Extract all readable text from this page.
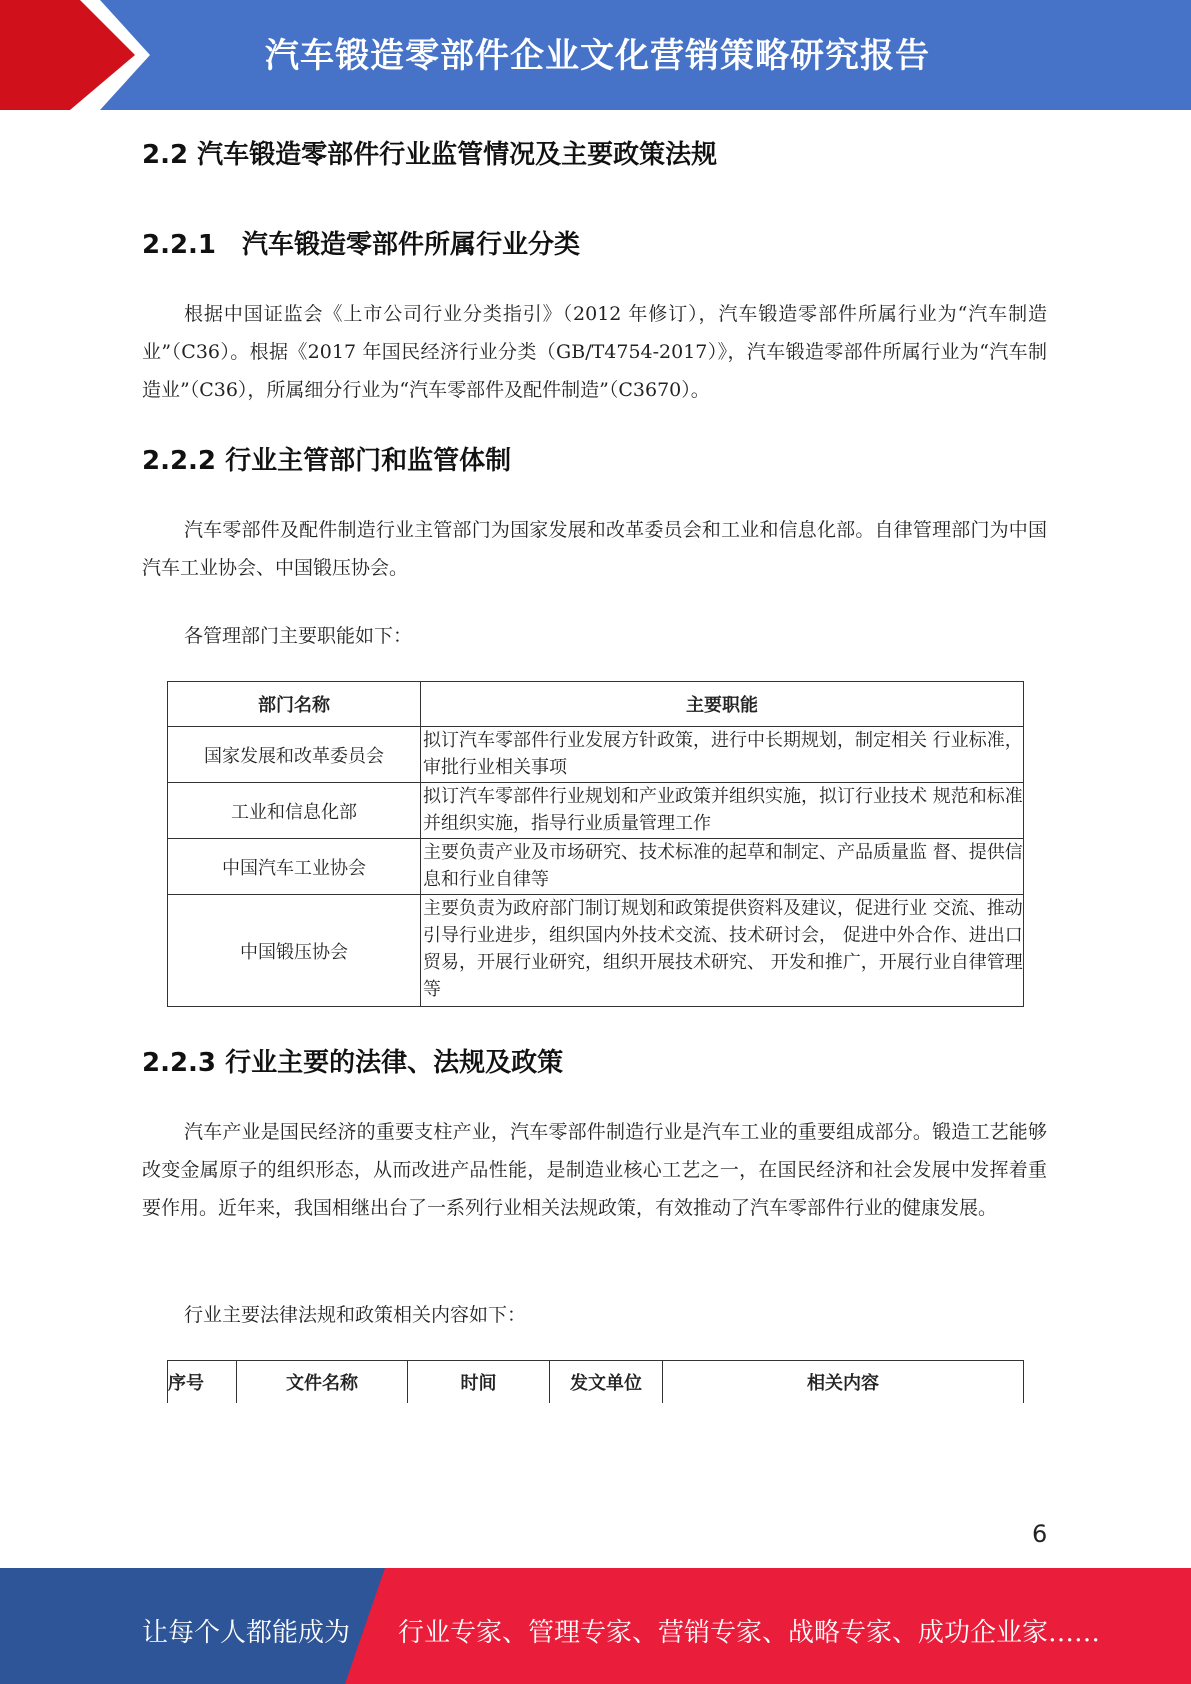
汽车锻造零部件企业文化营销策略研究报告
2.2 汽车锻造零部件行业监管情况及主要政策法规
2.2.1　汽车锻造零部件所属行业分类
根据中国证监会《上市公司行业分类指引》（2012 年修订），汽车锻造零部件所属行业为“汽车制造业”（C36）。根据《2017 年国民经济行业分类（GB/T4754-2017）》，汽车锻造零部件所属行业为“汽车制造业”（C36），所属细分行业为“汽车零部件及配件制造”（C3670）。
2.2.2 行业主管部门和监管体制
汽车零部件及配件制造行业主管部门为国家发展和改革委员会和工业和信息化部。自律管理部门为中国汽车工业协会、中国锻压协会。
各管理部门主要职能如下：
部门名称	主要职能
国家发展和改革委员会	拟订汽车零部件行业发展方针政策，进行中长期规划，制定相关 行业标准，审批行业相关事项

工业和信息化部	拟订汽车零部件行业规划和产业政策并组织实施，拟订行业技术 规范和标准并组织实施，指导行业质量管理工作

中国汽车工业协会	主要负责产业及市场研究、技术标准的起草和制定、产品质量监 督、提供信息和行业自律等

中国锻压协会	主要负责为政府部门制订规划和政策提供资料及建议，促进行业 交流、推动引导行业进步，组织国内外技术交流、技术研讨会， 促进中外合作、进出口贸易，开展行业研究，组织开展技术研究、 开发和推广，开展行业自律管理等
2.2.3 行业主要的法律、法规及政策
汽车产业是国民经济的重要支柱产业，汽车零部件制造行业是汽车工业的重要组成部分。锻造工艺能够改变金属原子的组织形态，从而改进产品性能，是制造业核心工艺之一，在国民经济和社会发展中发挥着重要作用。近年来，我国相继出台了一系列行业相关法规政策，有效推动了汽车零部件行业的健康发展。
行业主要法律法规和政策相关内容如下：
序号	文件名称	时间	发文单位	相关内容
6
让每个人都能成为 行业专家、管理专家、营销专家、战略专家、成功企业家……
